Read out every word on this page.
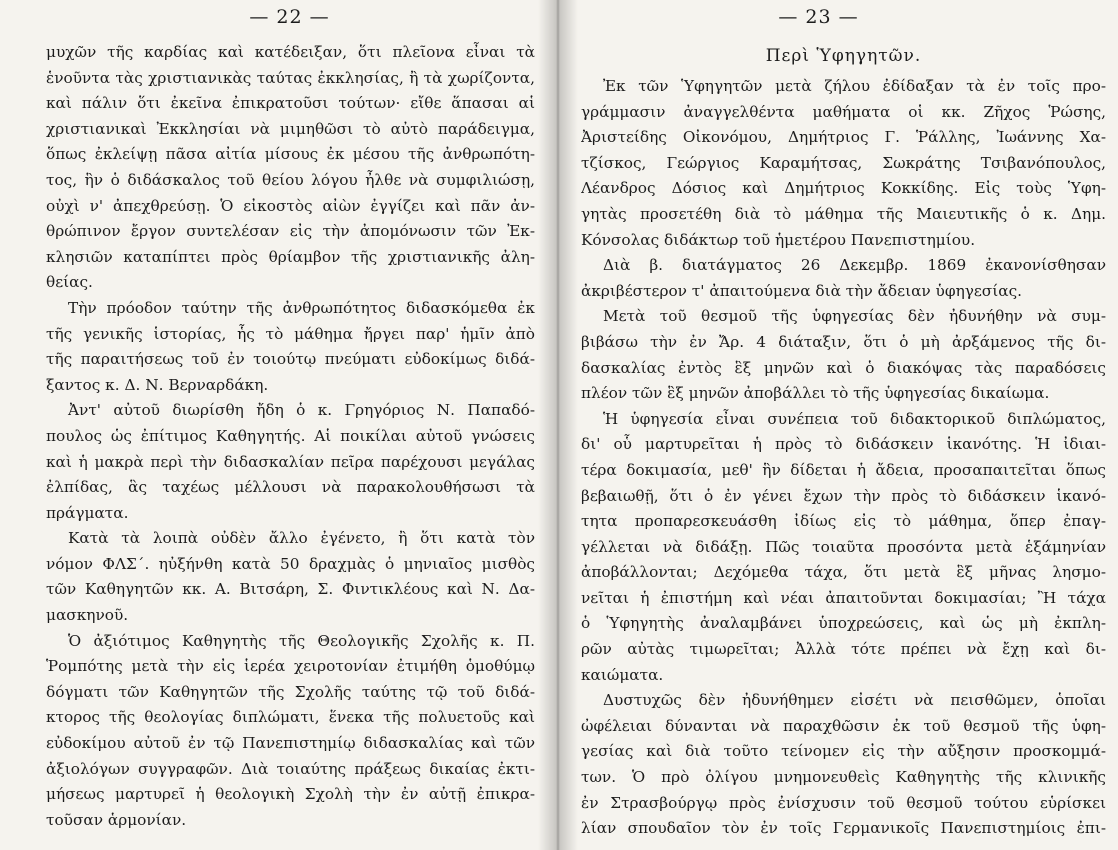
— 22 —
μυχῶν τῆς καρδίας καὶ κατέδειξαν, ὅτι πλεῖονα εἶναι τὰ
ἑνοῦντα τὰς χριστιανικὰς ταύτας ἐκκλησίας, ἢ τὰ χωρίζοντα,
καὶ πάλιν ὅτι ἐκεῖνα ἐπικρατοῦσι τούτων· εἴθε ἅπασαι αἱ
χριστιανικαὶ Ἐκκλησίαι νὰ μιμηθῶσι τὸ αὐτὸ παράδειγμα,
ὅπως ἐκλείψῃ πᾶσα αἰτία μίσους ἐκ μέσου τῆς ἀνθρωπότη-
τος, ἣν ὁ διδάσκαλος τοῦ θείου λόγου ἦλθε νὰ συμφιλιώσῃ,
οὐχὶ ν' ἀπεχθρεύσῃ. Ὁ εἰκοστὸς αἰὼν ἐγγίζει καὶ πᾶν ἀν-
θρώπινον ἔργον συντελέσαν εἰς τὴν ἀπομόνωσιν τῶν Ἐκ-
κλησιῶν καταπίπτει πρὸς θρίαμβον τῆς χριστιανικῆς ἀλη-
θείας.
Τὴν πρόοδον ταύτην τῆς ἀνθρωπότητος διδασκόμεθα ἐκ
τῆς γενικῆς ἱστορίας, ἧς τὸ μάθημα ἤργει παρ' ἡμῖν ἀπὸ
τῆς παραιτήσεως τοῦ ἐν τοιούτῳ πνεύματι εὐδοκίμως διδά-
ξαντος κ. Δ. Ν. Βερναρδάκη.
Ἀντ' αὐτοῦ διωρίσθη ἤδη ὁ κ. Γρηγόριος Ν. Παπαδό-
πουλος ὡς ἐπίτιμος Καθηγητής. Αἱ ποικίλαι αὐτοῦ γνώσεις
καὶ ἡ μακρὰ περὶ τὴν διδασκαλίαν πεῖρα παρέχουσι μεγάλας
ἐλπίδας, ἃς ταχέως μέλλουσι νὰ παρακολουθήσωσι τὰ
πράγματα.
Κατὰ τὰ λοιπὰ οὐδὲν ἄλλο ἐγένετο, ἢ ὅτι κατὰ τὸν
νόμον ΦΛΣ΄. ηὐξήνθη κατὰ 50 δραχμὰς ὁ μηνιαῖος μισθὸς
τῶν Καθηγητῶν κκ. Α. Βιτσάρη, Σ. Φιντικλέους καὶ Ν. Δα-
μασκηνοῦ.
Ὁ ἀξιότιμος Καθηγητὴς τῆς Θεολογικῆς Σχολῆς κ. Π.
Ῥομπότης μετὰ τὴν εἰς ἱερέα χειροτονίαν ἐτιμήθη ὁμοθύμῳ
δόγματι τῶν Καθηγητῶν τῆς Σχολῆς ταύτης τῷ τοῦ διδά-
κτορος τῆς θεολογίας διπλώματι, ἕνεκα τῆς πολυετοῦς καὶ
εὐδοκίμου αὐτοῦ ἐν τῷ Πανεπιστημίῳ διδασκαλίας καὶ τῶν
ἀξιολόγων συγγραφῶν. Διὰ τοιαύτης πράξεως δικαίας ἐκτι-
μήσεως μαρτυρεῖ ἡ θεολογικὴ Σχολὴ τὴν ἐν αὐτῇ ἐπικρα-
τοῦσαν ἁρμονίαν.
— 23 —
Περὶ Ὑφηγητῶν.
Ἐκ τῶν Ὑφηγητῶν μετὰ ζήλου ἐδίδαξαν τὰ ἐν τοῖς προ-
γράμμασιν ἀναγγελθέντα μαθήματα οἱ κκ. Ζῆχος Ῥώσης,
Ἀριστείδης Οἰκονόμου, Δημήτριος Γ. Ῥάλλης, Ἰωάννης Χα-
τζίσκος, Γεώργιος Καραμήτσας, Σωκράτης Τσιβανόπουλος,
Λέανδρος Δόσιος καὶ Δημήτριος Κοκκίδης. Εἰς τοὺς Ὑφη-
γητὰς προσετέθη διὰ τὸ μάθημα τῆς Μαιευτικῆς ὁ κ. Δημ.
Κόνσολας διδάκτωρ τοῦ ἡμετέρου Πανεπιστημίου.
Διὰ β. διατάγματος 26 Δεκεμβρ. 1869 ἐκανονίσθησαν
ἀκριβέστερον τ' ἀπαιτούμενα διὰ τὴν ἄδειαν ὑφηγεσίας.
Μετὰ τοῦ θεσμοῦ τῆς ὑφηγεσίας δὲν ἠδυνήθην νὰ συμ-
βιβάσω τὴν ἐν Ἄρ. 4 διάταξιν, ὅτι ὁ μὴ ἀρξάμενος τῆς δι-
δασκαλίας ἐντὸς ἓξ μηνῶν καὶ ὁ διακόψας τὰς παραδόσεις
πλέον τῶν ἓξ μηνῶν ἀποβάλλει τὸ τῆς ὑφηγεσίας δικαίωμα.
Ἡ ὑφηγεσία εἶναι συνέπεια τοῦ διδακτορικοῦ διπλώματος,
δι' οὗ μαρτυρεῖται ἡ πρὸς τὸ διδάσκειν ἱκανότης. Ἡ ἰδιαι-
τέρα δοκιμασία, μεθ' ἣν δίδεται ἡ ἄδεια, προσαπαιτεῖται ὅπως
βεβαιωθῇ, ὅτι ὁ ἐν γένει ἔχων τὴν πρὸς τὸ διδάσκειν ἱκανό-
τητα προπαρεσκευάσθη ἰδίως εἰς τὸ μάθημα, ὅπερ ἐπαγ-
γέλλεται νὰ διδάξῃ. Πῶς τοιαῦτα προσόντα μετὰ ἑξάμηνίαν
ἀποβάλλονται; Δεχόμεθα τάχα, ὅτι μετὰ ἓξ μῆνας λησμο-
νεῖται ἡ ἐπιστήμη καὶ νέαι ἀπαιτοῦνται δοκιμασίαι; Ἢ τάχα
ὁ Ὑφηγητὴς ἀναλαμβάνει ὑποχρεώσεις, καὶ ὡς μὴ ἐκπλη-
ρῶν αὐτὰς τιμωρεῖται; Ἀλλὰ τότε πρέπει νὰ ἔχῃ καὶ δι-
καιώματα.
Δυστυχῶς δὲν ἠδυνήθημεν εἰσέτι νὰ πεισθῶμεν, ὁποῖαι
ὠφέλειαι δύνανται νὰ παραχθῶσιν ἐκ τοῦ θεσμοῦ τῆς ὑφη-
γεσίας καὶ διὰ τοῦτο τείνομεν εἰς τὴν αὔξησιν προσκομμά-
των. Ὁ πρὸ ὀλίγου μνημονευθεὶς Καθηγητὴς τῆς κλινικῆς
ἐν Στρασβούργῳ πρὸς ἐνίσχυσιν τοῦ θεσμοῦ τούτου εὑρίσκει
λίαν σπουδαῖον τὸν ἐν τοῖς Γερμανικοῖς Πανεπιστημίοις ἐπι-
